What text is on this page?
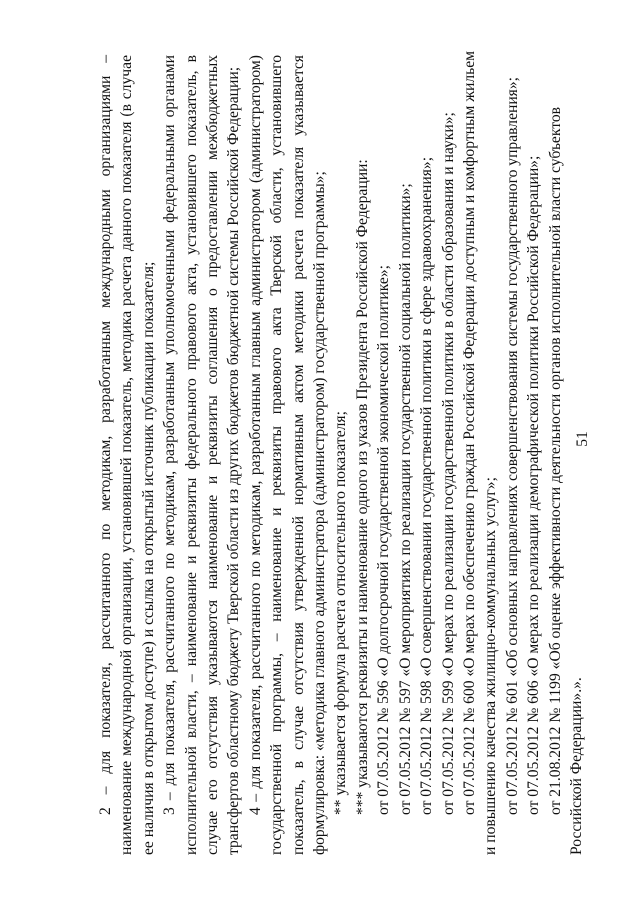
51

2 – для показателя, рассчитанного по методикам, разработанным международными организациями – наименование международной организации, установившей показатель, методика расчета данного показателя (в случае ее наличия в открытом доступе) и ссылка на открытый источник публикации показателя; 3 – для показателя, рассчитанного по методикам, разработанным уполномоченными федеральными органами исполнительной власти, – наименование и реквизиты федерального правового акта, установившего показатель, в случае его отсутствия указываются наименование и реквизиты соглашения о предоставлении межбюджетных трансфертов областному бюджету Тверской области из других бюджетов бюджетной системы Российской Федерации; 4 – для показателя, рассчитанного по методикам, разработанным главным администратором (администратором) государственной программы, – наименование и реквизиты правового акта Тверской области, установившего показатель, в случае отсутствия утвержденной нормативным актом методики расчета показателя указывается формулировка: «методика главного администратора (администратором) государственной программы»; ** указывается формула расчета относительного показателя; *** указываются реквизиты и наименование одного из указов Президента Российской Федерации: от 07.05.2012 № 596 «О долгосрочной государственной экономической политике»; от 07.05.2012 № 597 «О мероприятиях по реализации государственной социальной политики»; от 07.05.2012 № 598 «О совершенствовании государственной политики в сфере здравоохранения»; от 07.05.2012 № 599 «О мерах по реализации государственной политики в области образования и науки»; от 07.05.2012 № 600 «О мерах по обеспечению граждан Российской Федерации доступным и комфортным жильем и повышению качества жилищно-коммунальных услуг»; от 07.05.2012 № 601 «Об основных направлениях совершенствования системы государственного управления»; от 07.05.2012 № 606 «О мерах по реализации демографической политики Российской Федерации»; от 21.08.2012 № 1199 «Об оценке эффективности деятельности органов исполнительной власти субъектов Российской Федерации».».
